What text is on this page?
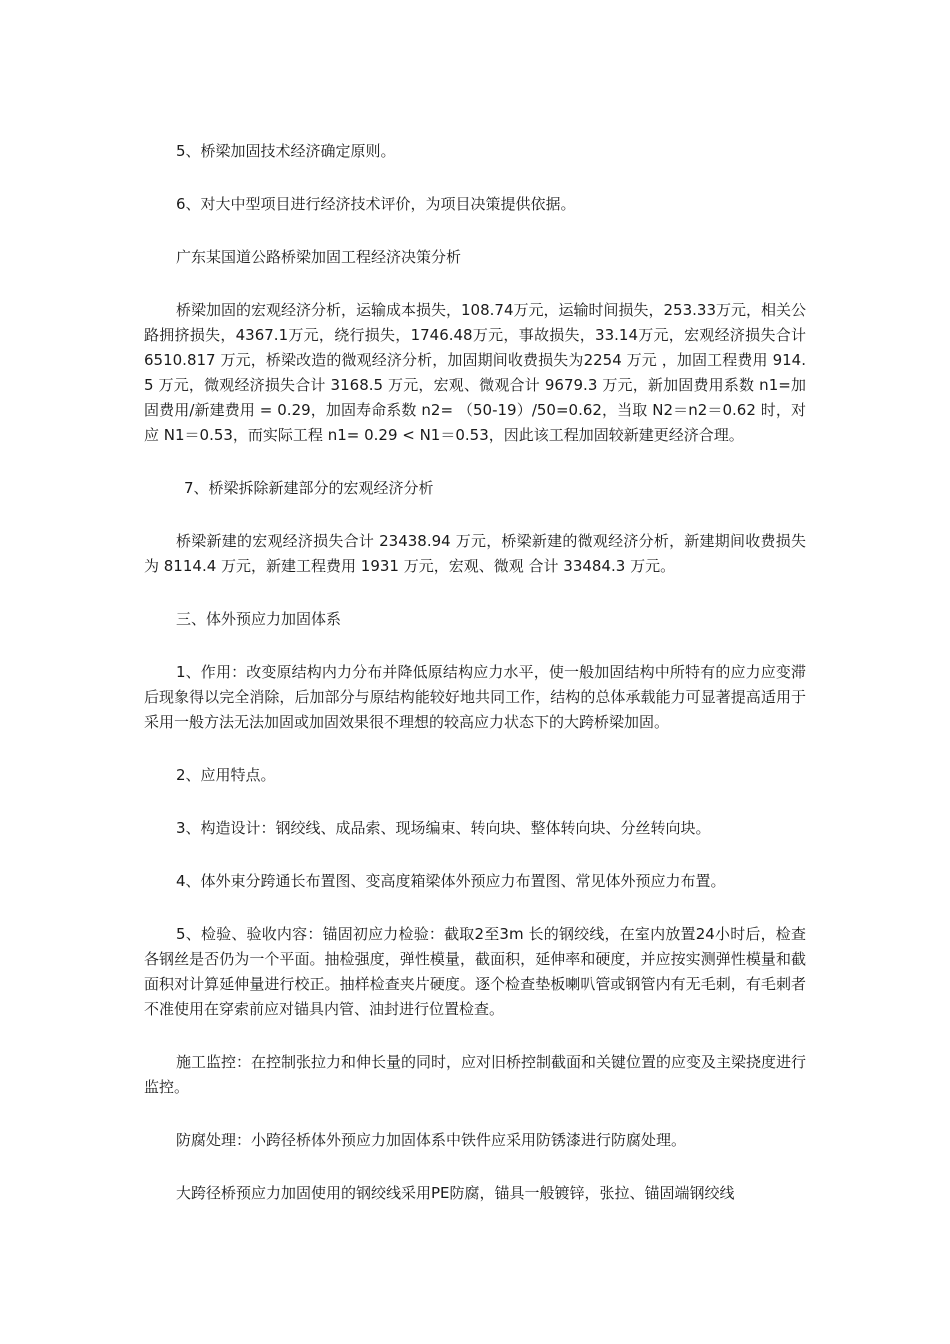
5、桥梁加固技术经济确定原则。

6、对大中型项目进行经济技术评价，为项目决策提供依据。

广东某国道公路桥梁加固工程经济决策分析

桥梁加固的宏观经济分析，运输成本损失，108.74万元，运输时间损失，253.33万元，相关公路拥挤损失，4367.1万元，绕行损失，1746.48万元，事故损失，33.14万元，宏观经济损失合计 6510.817 万元，桥梁改造的微观经济分析，加固期间收费损失为2254 万元 ，加固工程费用 914.5 万元，微观经济损失合计 3168.5 万元，宏观、微观合计 9679.3 万元，新加固费用系数 n1=加固费用/新建费用 = 0.29，加固寿命系数 n2= （50-19）/50=0.62，当取 N2＝n2＝0.62 时，对应 N1＝0.53，而实际工程 n1= 0.29 < N1＝0.53，因此该工程加固较新建更经济合理。

7、桥梁拆除新建部分的宏观经济分析

桥梁新建的宏观经济损失合计 23438.94 万元，桥梁新建的微观经济分析，新建期间收费损失为 8114.4 万元，新建工程费用 1931 万元，宏观、微观 合计 33484.3 万元。

三、体外预应力加固体系

1、作用：改变原结构内力分布并降低原结构应力水平，使一般加固结构中所特有的应力应变滞后现象得以完全消除，后加部分与原结构能较好地共同工作，结构的总体承载能力可显著提高适用于采用一般方法无法加固或加固效果很不理想的较高应力状态下的大跨桥梁加固。

2、应用特点。

3、构造设计：钢绞线、成品索、现场编束、转向块、整体转向块、分丝转向块。

4、体外束分跨通长布置图、变高度箱梁体外预应力布置图、常见体外预应力布置。

5、检验、验收内容：锚固初应力检验：截取2至3m 长的钢绞线，在室内放置24小时后，检查各钢丝是否仍为一个平面。抽检强度，弹性模量，截面积，延伸率和硬度，并应按实测弹性模量和截面积对计算延伸量进行校正。抽样检查夹片硬度。逐个检查垫板喇叭管或钢管内有无毛刺，有毛刺者不准使用在穿索前应对锚具内管、油封进行位置检查。

施工监控：在控制张拉力和伸长量的同时，应对旧桥控制截面和关键位置的应变及主梁挠度进行监控。

防腐处理：小跨径桥体外预应力加固体系中铁件应采用防锈漆进行防腐处理。

大跨径桥预应力加固使用的钢绞线采用PE防腐，锚具一般镀锌，张拉、锚固端钢绞线
